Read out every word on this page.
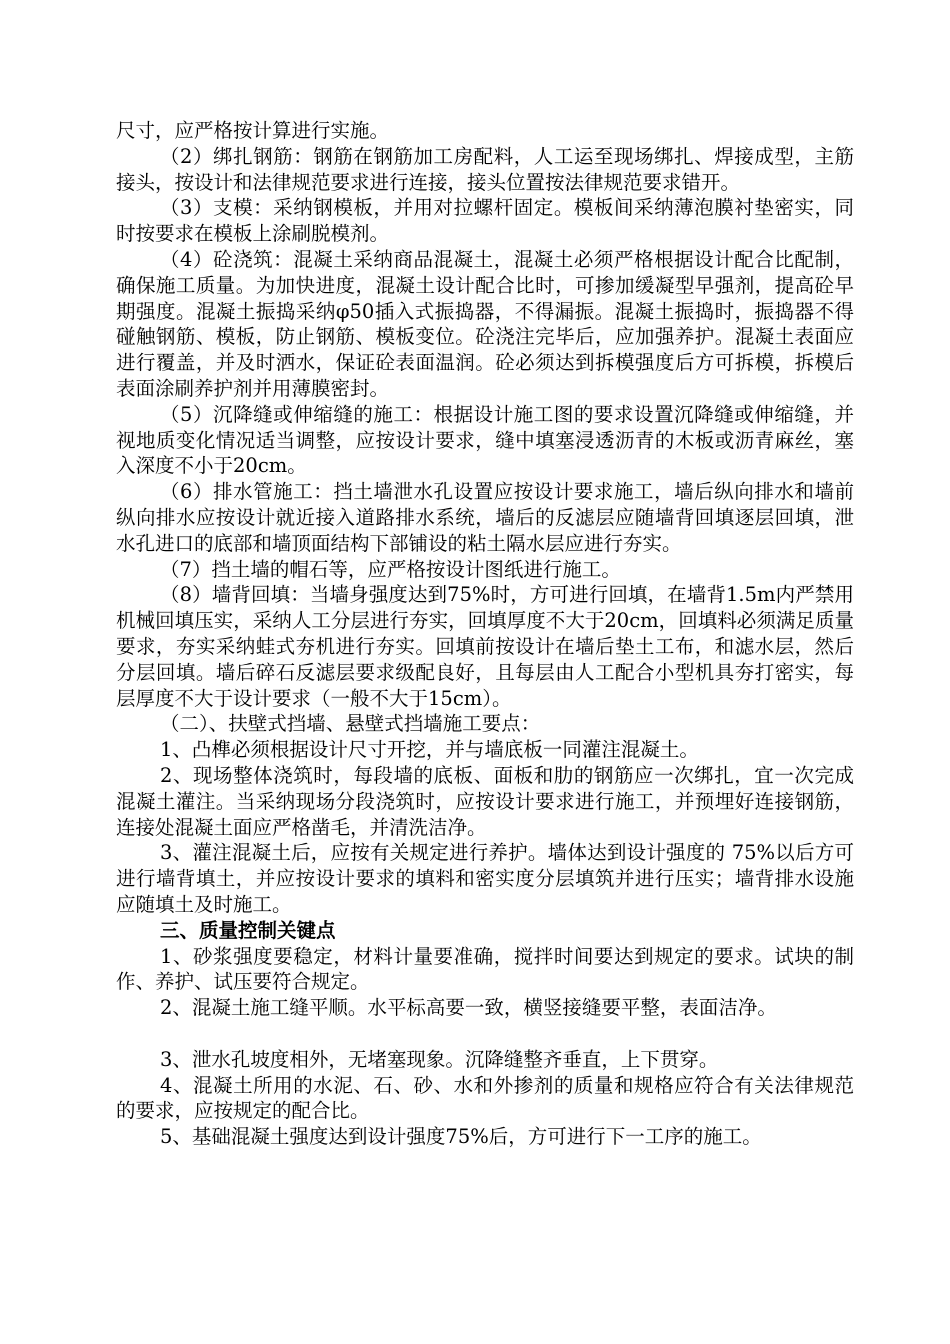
尺寸，应严格按计算进行实施。

（2）绑扎钢筋：钢筋在钢筋加工房配料，人工运至现场绑扎、焊接成型，主筋接头，按设计和法律规范要求进行连接，接头位置按法律规范要求错开。

（3）支模：采纳钢模板，并用对拉螺杆固定。模板间采纳薄泡膜衬垫密实，同时按要求在模板上涂刷脱模剂。

（4）砼浇筑：混凝土采纳商品混凝土，混凝土必须严格根据设计配合比配制，确保施工质量。为加快进度，混凝土设计配合比时，可掺加缓凝型早强剂，提高砼早期强度。混凝土振捣采纳φ50插入式振捣器，不得漏振。混凝土振捣时，振捣器不得碰触钢筋、模板，防止钢筋、模板变位。砼浇注完毕后，应加强养护。混凝土表面应进行覆盖，并及时洒水，保证砼表面温润。砼必须达到拆模强度后方可拆模，拆模后表面涂刷养护剂并用薄膜密封。

（5）沉降缝或伸缩缝的施工：根据设计施工图的要求设置沉降缝或伸缩缝，并视地质变化情况适当调整，应按设计要求，缝中填塞浸透沥青的木板或沥青麻丝，塞入深度不小于20cm。

（6）排水管施工：挡土墙泄水孔设置应按设计要求施工，墙后纵向排水和墙前纵向排水应按设计就近接入道路排水系统，墙后的反滤层应随墙背回填逐层回填，泄水孔进口的底部和墙顶面结构下部铺设的粘土隔水层应进行夯实。

（7）挡土墙的帽石等，应严格按设计图纸进行施工。

（8）墙背回填：当墙身强度达到75%时，方可进行回填，在墙背1.5m内严禁用机械回填压实，采纳人工分层进行夯实，回填厚度不大于20cm，回填料必须满足质量要求，夯实采纳蛙式夯机进行夯实。回填前按设计在墙后垫土工布，和滤水层，然后分层回填。墙后碎石反滤层要求级配良好，且每层由人工配合小型机具夯打密实，每层厚度不大于设计要求（一般不大于15cm）。

（二）、扶壁式挡墙、悬壁式挡墙施工要点：

1、凸榫必须根据设计尺寸开挖，并与墙底板一同灌注混凝土。

2、现场整体浇筑时，每段墙的底板、面板和肋的钢筋应一次绑扎，宜一次完成混凝土灌注。当采纳现场分段浇筑时，应按设计要求进行施工，并预埋好连接钢筋，连接处混凝土面应严格凿毛，并清洗洁净。

3、灌注混凝土后，应按有关规定进行养护。墙体达到设计强度的 75%以后方可进行墙背填土，并应按设计要求的填料和密实度分层填筑并进行压实；墙背排水设施应随填土及时施工。

三、质量控制关键点

1、砂浆强度要稳定，材料计量要准确，搅拌时间要达到规定的要求。试块的制作、养护、试压要符合规定。

2、混凝土施工缝平顺。水平标高要一致，横竖接缝要平整，表面洁净。

3、泄水孔坡度相外，无堵塞现象。沉降缝整齐垂直，上下贯穿。

4、混凝土所用的水泥、石、砂、水和外掺剂的质量和规格应符合有关法律规范的要求，应按规定的配合比。

5、基础混凝土强度达到设计强度75%后，方可进行下一工序的施工。
